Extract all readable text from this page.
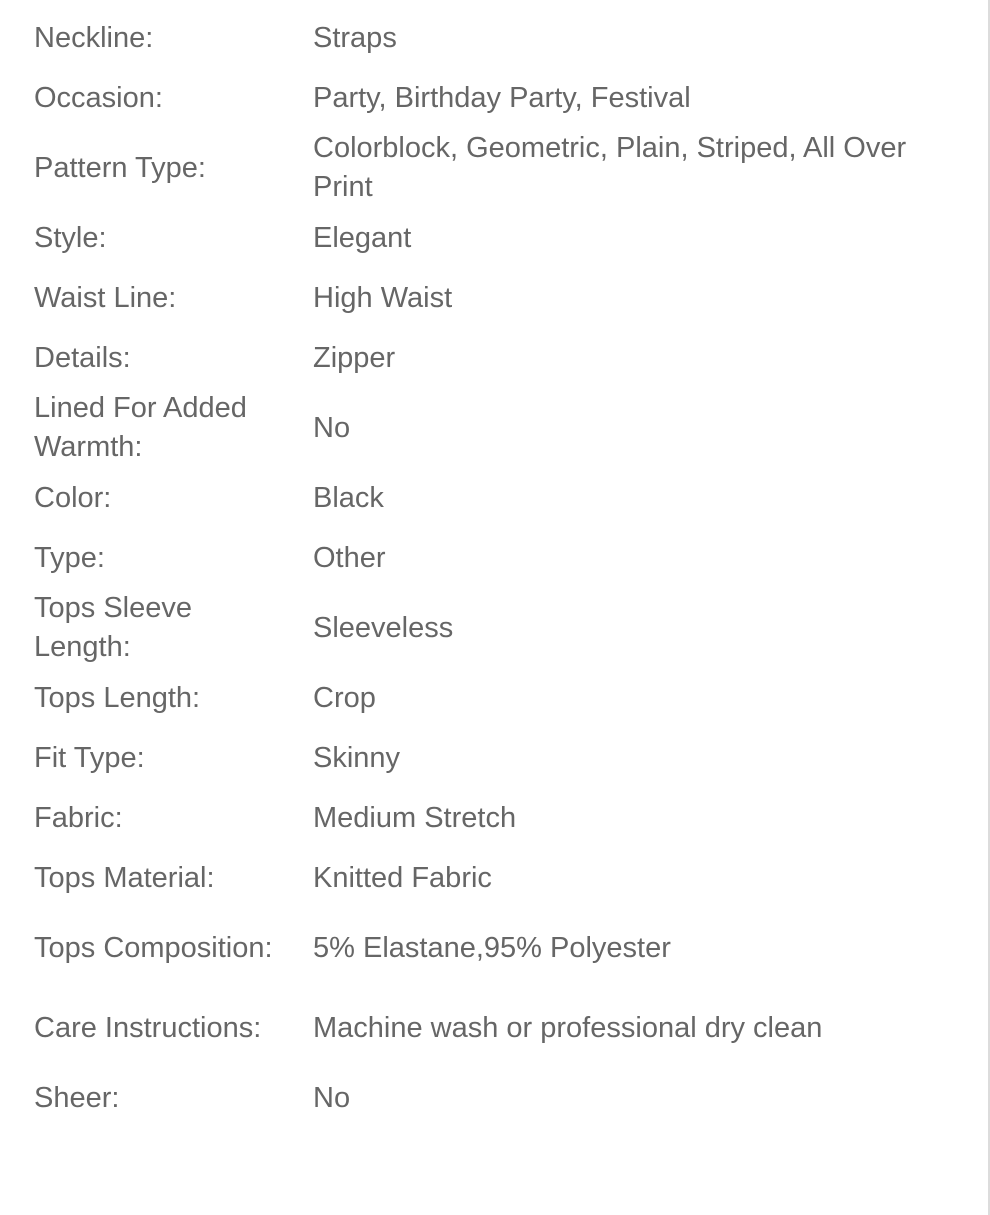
Neckline:	Straps
Occasion:	Party, Birthday Party, Festival
Pattern Type:
Colorblock, Geometric, Plain, Striped, All Over Print
Style:	Elegant
Waist Line:	High Waist
Details:	Zipper
Lined For Added Warmth:
No
Color:	Black
Type:	Other
Tops Sleeve Length:
Sleeveless
Tops Length:	Crop
Fit Type:	Skinny
Fabric:	Medium Stretch
Tops Material:	Knitted Fabric
Tops Composition:	5% Elastane,95% Polyester
Care Instructions:	Machine wash or professional dry clean
Sheer:	No
